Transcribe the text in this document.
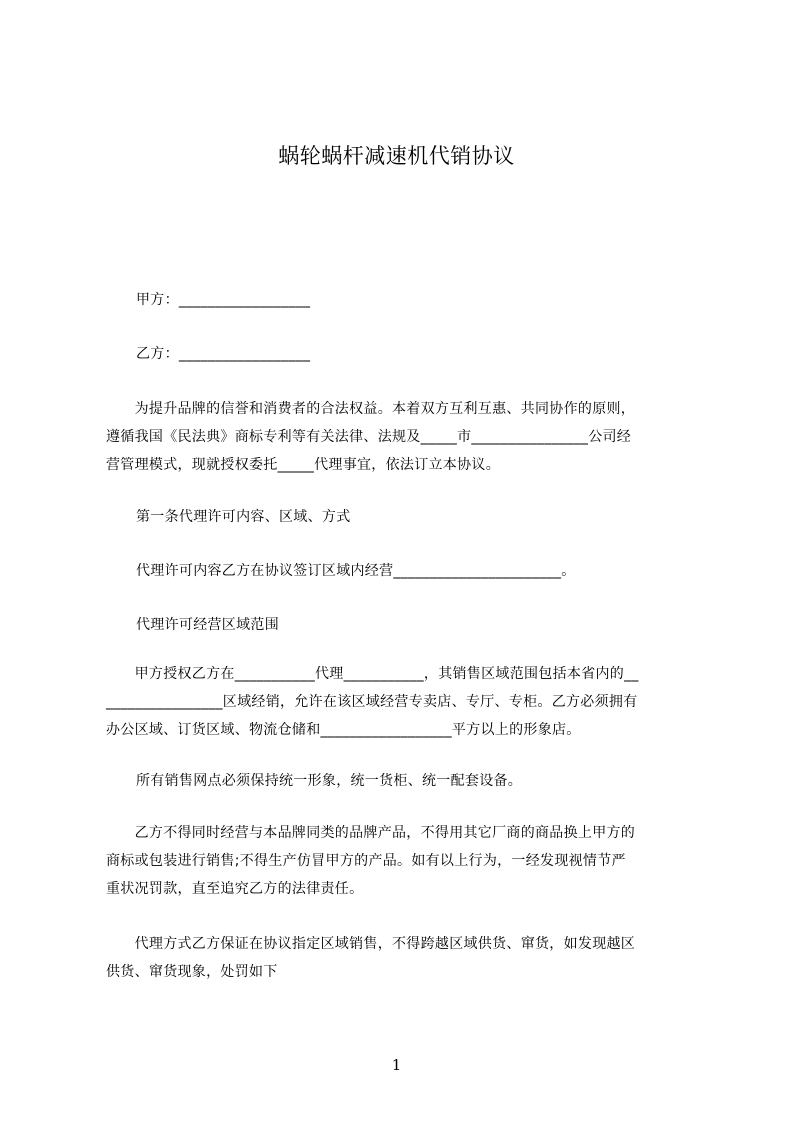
蜗轮蜗杆减速机代销协议
甲方：__________________
乙方：__________________
　　为提升品牌的信誉和消费者的合法权益。本着双方互利互惠、共同协作的原则，
遵循我国《民法典》商标专利等有关法律、法规及_____市________________公司经
营管理模式，现就授权委托_____代理事宜，依法订立本协议。
第一条代理许可内容、区域、方式
代理许可内容乙方在协议签订区域内经营_______________________。
代理许可经营区域范围
　　甲方授权乙方在___________代理___________，其销售区域范围包括本省内的__
________________区域经销，允许在该区域经营专卖店、专厅、专柜。乙方必须拥有
办公区域、订货区域、物流仓储和__________________平方以上的形象店。
所有销售网点必须保持统一形象，统一货柜、统一配套设备。
　　乙方不得同时经营与本品牌同类的品牌产品，不得用其它厂商的商品换上甲方的
商标或包装进行销售;不得生产仿冒甲方的产品。如有以上行为，一经发现视情节严
重状况罚款，直至追究乙方的法律责任。
　　代理方式乙方保证在协议指定区域销售，不得跨越区域供货、窜货，如发现越区
供货、窜货现象，处罚如下
1
